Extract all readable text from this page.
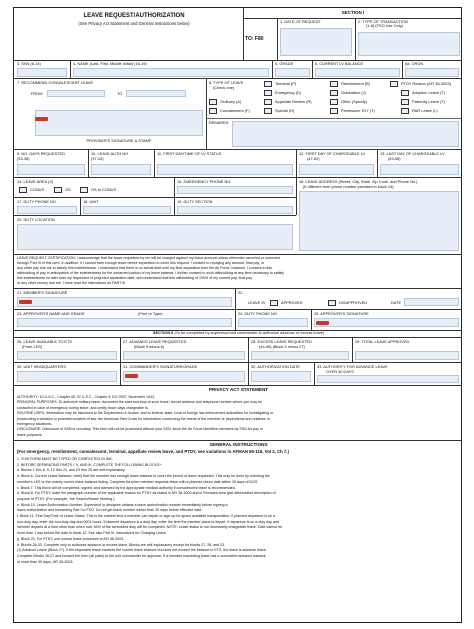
LEAVE REQUEST/AUTHORIZATION
(See Privacy Act Statement and General Instructions below)
SECTION I
TO: F80
1. DATE OF REQUEST	2. TYPE OF TRANSACTION
(1-8) (FSO Use Only)
3. SSN (6-14)	4. NAME (Last, First, Middle Initial) (16-19)	5. GRADE	6. CURRENT LV BALANCE	6a. ORGN
7. RECOMMEND CONVALESCENT LEAVE
FROM	TO
PROVIDER'S SIGNATURE & STAMP
8. TYPE OF LEAVE
(Check one)
Terminal (P)
Emergency (D)
Ordinary (A)	Appellate Review (R)
Convalescent (F)	Special (H)
Reenlistment (B)
Graduation (J)
Other (Specify)
Permissive TDY (T)
PTDY Reason (AFI 36-3003)
Adoption Leave (T)
Paternity Leave (T)
R&R Leave (L)
REMARKS:
9. NO. DAYS REQUESTED
(33-36)
10. LEAVE AUTH NO.
(37-43)
11. FIRST DAY/TIME OF LV STATUS	12. FIRST DAY OF CHARGEABLE LV
(47-52)
13. LAST DAY OF CHARGEABLE LV
(53-58)
14. LEAVE AREA (X)
CONUS	OS	OS to CONUS
15. EMERGENCY PHONE NO.	16. LEAVE ADDRESS (Street, City, State, Zip Code, and Phone No.)
(If different from phone number provided in block 15)
17. DUTY PHONE NO.	18. UNIT	19. DUTY SECTION
20. DUTY LOCATION
LEAVE REQUEST CERTIFICATION: I acknowledge that the leave requested by me will be charged against my leave account unless otherwise canceled or corrected
through Part III of this form. In addition, if I cannot earn enough leave before separation to cover this request, I consent to repaying any amount, final pay, or
any other pay due me to satisfy this indebtedness. I understand that there is no actual debt until my final separation from the Air Force; however, I consent to this
withholding of pay in anticipation of the indebtedness for the unearned portion of my leave balance. I further consent to such withholding at any time necessary to satisfy
this indebtedness no later than my requested or projected separation date, and understand that this withholding of 100% of my current pay, final pay,
or any other money due me. I have read the instructions on PART III.
21. MEMBER'S SIGNATURE	22.
LEAVE IS	APPROVED	DISAPPROVED	DATE
23. APPROVER'S NAME AND GRADE	(Print or Type)	24. DUTY PHONE NO.	25. APPROVER'S SIGNATURE
SECTION II (To be completed by supervisor/unit commander to authorize advance or excess leave)
26. LEAVE AVAILABLE TO ETS
(From LES)
27. ADVANCE LEAVE REQUESTED
(Block 9 minus 6)
28. EXCESS LEAVE REQUESTED
(44-46) (Block 9 minus 27)
29. TOTAL LEAVE APPROVED
30. UNIT HEADQUARTERS	31. COMMANDER'S SIGNATURE/GRADE	32. AUTHORIZATION DATE	33. AUTHORITY FOR ADVANCE LEAVE
OVER 30 DAYS
PRIVACY ACT STATEMENT
AUTHORITY: 10 U.S.C., Chapter 40; 37 U.S.C., Chapter 9; EO 9397, November 1943.
PRINCIPAL PURPOSES: To authorize military leave, document the start and stop of such leave; record address and telephone number where you may be
contacted in case of emergency during leave; and certify leave days chargeable to.
ROUTINE USES: Information may be disclosed to the Department of Justice, and to federal, state, local or foreign law enforcement authorities for investigating or
prosecuting a violation or potential violation of law; the American Red Cross for information concerning the needs of the member or dependents and relatives in
emergency situations.
DISCLOSURE: Disclosure of SSN is voluntary. This form will not be processed without your SSN, since the Air Force identifies members by SSN for pay or
leave purposes.
GENERAL INSTRUCTIONS
(For emergency, reenlistment, convalescent, terminal, appellate review leave, and PTDY, see variations in AFMAN 65-116, Vol 2, Ch 7.)
1. THIS FORM MUST BE TYPED OR COMPLETED IN INK.
2. BEFORE SEPARATING PARTS I, II, AND III, COMPLETE THE FOLLOWING BLOCKS*:
a. Blocks 1 thru 8, 9, 12 thru 21, and 23 thru 25 are self-explanatory.
b. Block 6. Current Leave Balance, verify that the member has enough leave balance to cover the period of leave requested. This may be done by checking the
member's LES or the orderly room's leave balance listing. Complete 6a when member requests leave with a planned return date within 30 days of DOS.
c. Block 7. This block will be completed, signed, and stamped by the appropriate medical authority if convalescent leave is recommended.
d. Block 8. For PTDY, state the paragraph number of the applicable reason for PTDY as stated in AFI 36-3003 and in Remarks area give abbreviated description of
purpose of PTDY. (For example, Job Search/House Hunting.)
e. Block 10. Leave Authorization Number. Supervisor or designee obtains a leave authorization number immediately before signing a
leave authorization and forwarding Part I to FSO. Do not get leave number earlier than 30 days before effective date.
f. Block 11. First Day/Time of Leave Status. This is the earliest time a member can depart or sign up for space available transportation. If planned departure is on a
non-duty day, enter the non-duty day and 0001 hours. If planned departure is a duty day, enter the time the member plans to depart. If departure is on a duty day and
member departs at a time other than when over 50% of the scheduled duty will be completed. NOTE: Leave status is not necessarily chargeable leave. Date cannot be
more than 1 day before the date in block 12. See also Part III, Instructions for Charging Leave.
g. Block 20. For PTDY, use normal leave procedure in AFI 36-3003.
h. Blocks 26-33. Complete only to authorize advance or excess leave. Blocks are self-explanatory except for blocks 27, 28, and 33.
(1) Advance Leave (Block 27). If the requested leave exceeds the current leave balance but does not exceed the balance to ETS, the leave is advance leave.
Complete Blocks 26-27 and forward the form (all parts) to the unit commander for approval. If a member requesting leave has a cumulative advance balance
of more than 30 days, AFI 36-3003.
